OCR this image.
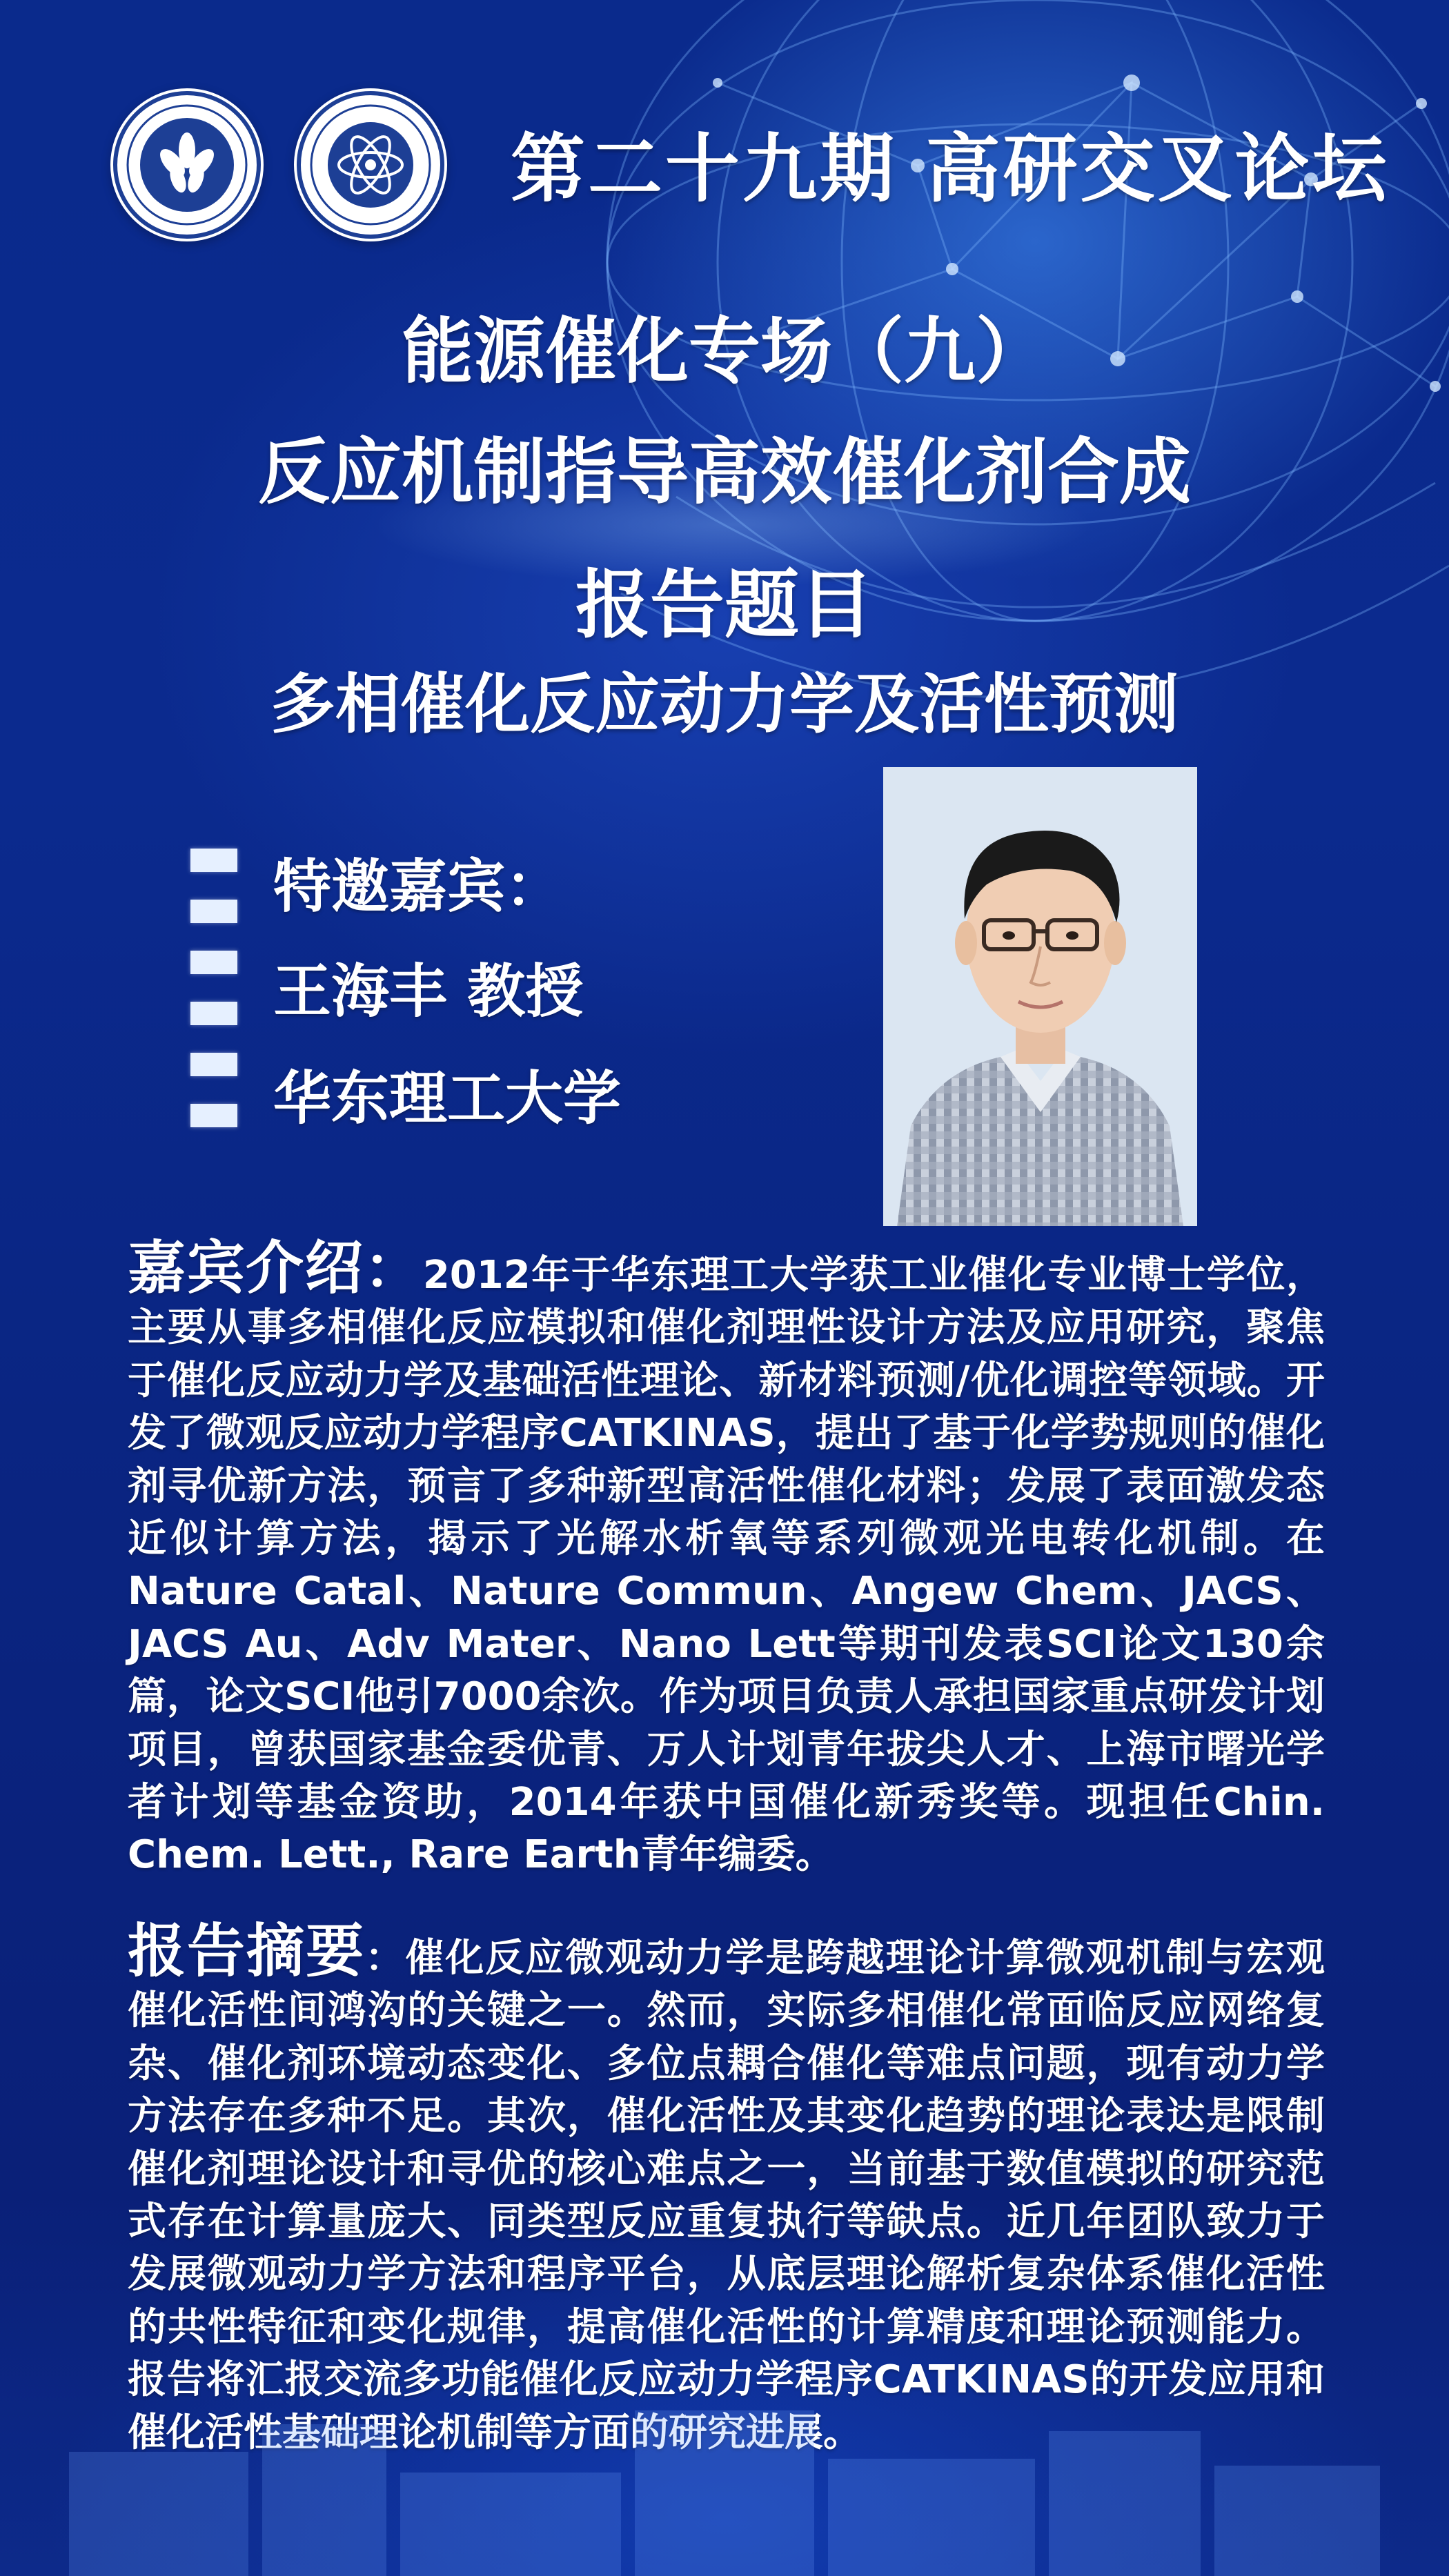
第二十九期 高研交叉论坛
能源催化专场（九）
反应机制指导高效催化剂合成
报告题目
多相催化反应动力学及活性预测
特邀嘉宾：
王海丰 教授
华东理工大学
嘉宾介绍：2012年于华东理工大学获工业催化专业博士学位，主要从事多相催化反应模拟和催化剂理性设计方法及应用研究，聚焦于催化反应动力学及基础活性理论、新材料预测/优化调控等领域。开发了微观反应动力学程序CATKINAS，提出了基于化学势规则的催化剂寻优新方法，预言了多种新型高活性催化材料；发展了表面激发态近似计算方法，揭示了光解水析氧等系列微观光电转化机制。在Nature Catal、Nature Commun、Angew Chem、JACS、JACS Au、Adv Mater、Nano Lett等期刊发表SCI论文130余篇，论文SCI他引7000余次。作为项目负责人承担国家重点研发计划项目，曾获国家基金委优青、万人计划青年拔尖人才、上海市曙光学者计划等基金资助，2014年获中国催化新秀奖等。现担任Chin. Chem. Lett., Rare Earth青年编委。
报告摘要：催化反应微观动力学是跨越理论计算微观机制与宏观催化活性间鸿沟的关键之一。然而，实际多相催化常面临反应网络复杂、催化剂环境动态变化、多位点耦合催化等难点问题，现有动力学方法存在多种不足。其次，催化活性及其变化趋势的理论表达是限制催化剂理论设计和寻优的核心难点之一，当前基于数值模拟的研究范式存在计算量庞大、同类型反应重复执行等缺点。近几年团队致力于发展微观动力学方法和程序平台，从底层理论解析复杂体系催化活性的共性特征和变化规律，提高催化活性的计算精度和理论预测能力。报告将汇报交流多功能催化反应动力学程序CATKINAS的开发应用和催化活性基础理论机制等方面的研究进展。
